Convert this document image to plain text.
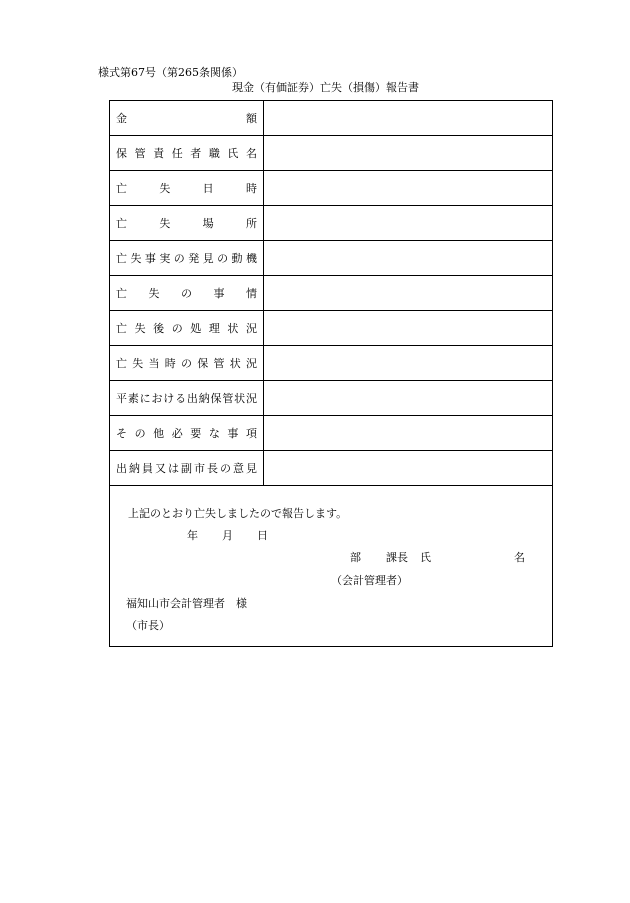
様式第67号（第265条関係）
現金（有価証券）亡失（損傷）報告書
金額
保管責任者職氏名
亡失日時
亡失場所
亡失事実の発見の動機
亡失の事情
亡失後の処理状況
亡失当時の保管状況
平素における出納保管状況
その他必要な事項
出納員又は副市長の意見
上記のとおり亡失しましたので報告します。
年 月 日
部 課長 氏	名
（会計管理者）
福知山市会計管理者　様
（市長）
